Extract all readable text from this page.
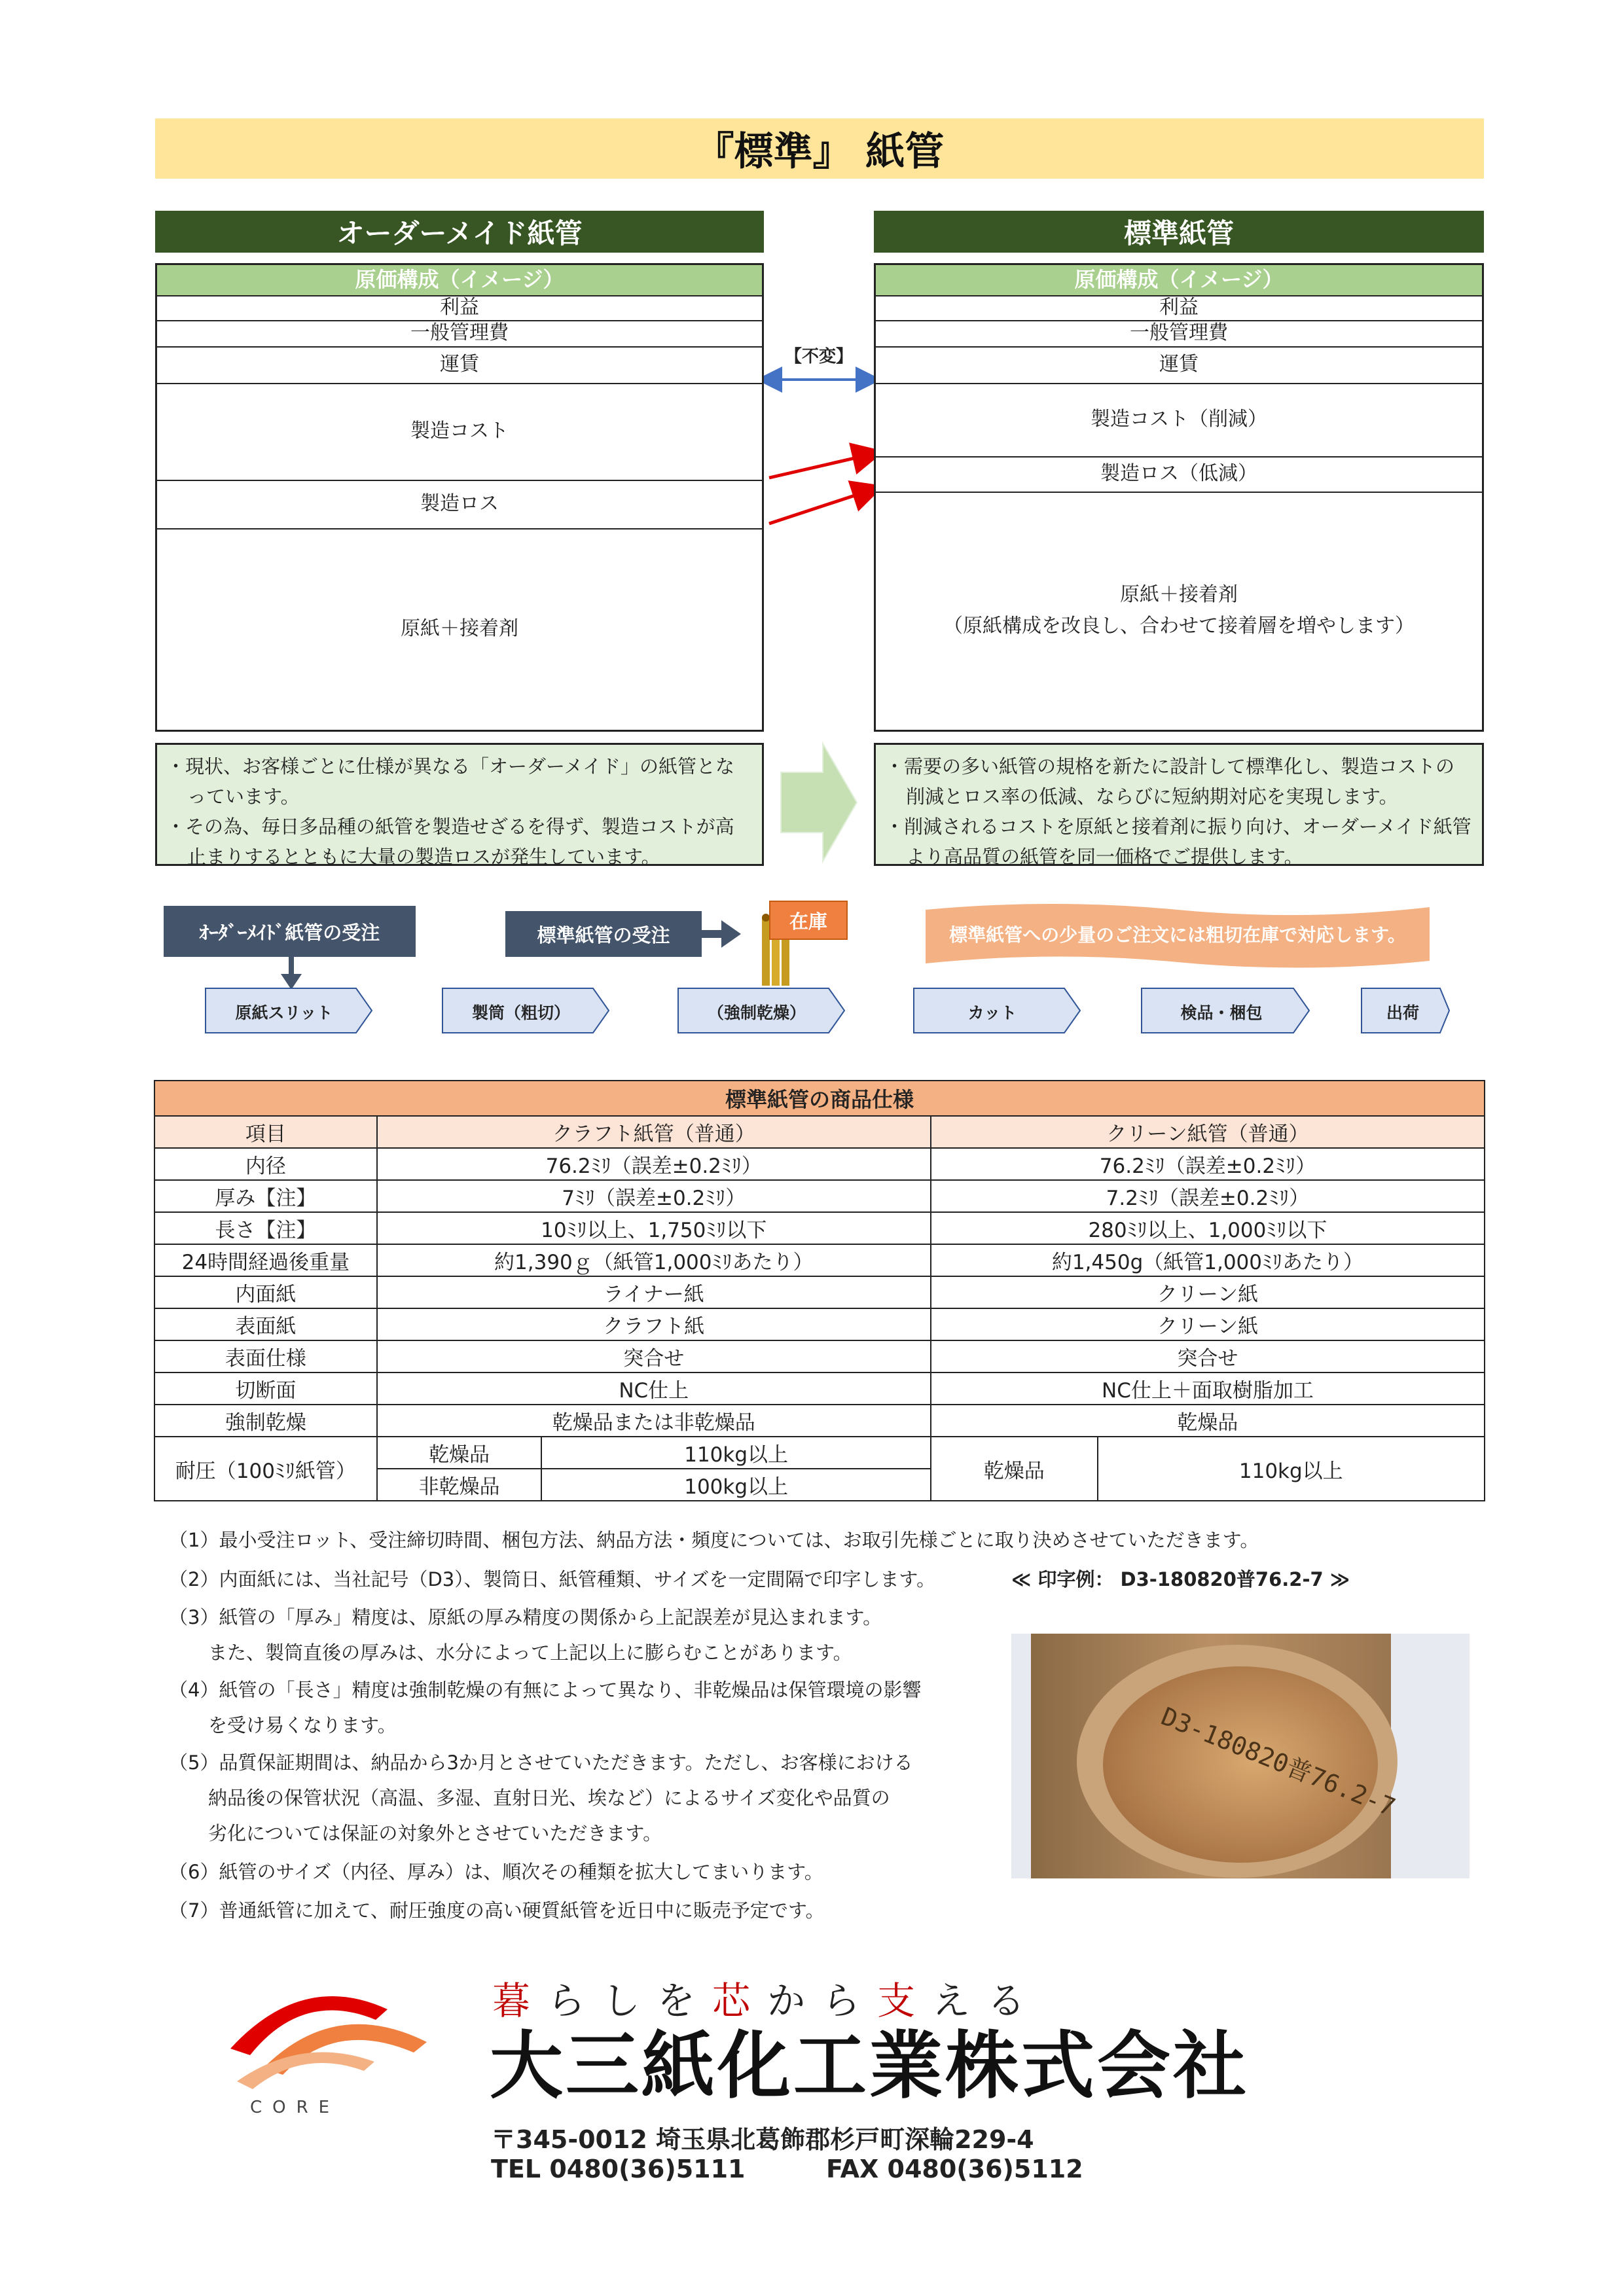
『標準』 紙管
オーダーメイド紙管
原価構成（イメージ）
利益
一般管理費
運賃
製造コスト
製造ロス
原紙＋接着剤
標準紙管
原価構成（イメージ）
利益
一般管理費
運賃
製造コスト（削減）
製造ロス（低減）
原紙＋接着剤
（原紙構成を改良し、合わせて接着層を増やします）
【不変】

・現状、お客様ごとに仕様が異なる「オーダーメイド」の紙管となっています。

・その為、毎日多品種の紙管を製造せざるを得ず、製造コストが高止まりするとともに大量の製造ロスが発生しています。

・需要の多い紙管の規格を新たに設計して標準化し、製造コストの削減とロス率の低減、ならびに短納期対応を実現します。

・削減されるコストを原紙と接着剤に振り向け、オーダーメイド紙管より高品質の紙管を同一価格でご提供します。

ｵｰﾀﾞｰﾒｲﾄﾞ紙管の受注	標準紙管の受注
在庫
標準紙管への少量のご注文には粗切在庫で対応します。
原紙スリット	製筒（粗切）	（強制乾燥）	カット	検品・梱包	出荷
標準紙管の商品仕様				
項目	クラフト紙管（普通）		クリーン紙管（普通）	
内径	76.2ﾐﾘ（誤差±0.2ﾐﾘ）		76.2ﾐﾘ（誤差±0.2ﾐﾘ）	
厚み【注】	7ﾐﾘ（誤差±0.2ﾐﾘ）		7.2ﾐﾘ（誤差±0.2ﾐﾘ）	
長さ【注】	10ﾐﾘ以上、1,750ﾐﾘ以下		280ﾐﾘ以上、1,000ﾐﾘ以下	
24時間経過後重量	約1,390ｇ（紙管1,000ﾐﾘあたり）		約1,450g（紙管1,000ﾐﾘあたり）	
内面紙	ライナー紙		クリーン紙	
表面紙	クラフト紙		クリーン紙	
表面仕様	突合せ		突合せ	
切断面	NC仕上		NC仕上＋面取樹脂加工	
強制乾燥	乾燥品または非乾燥品		乾燥品	
耐圧（100ﾐﾘ紙管）	乾燥品	110kg以上	乾燥品	110kg以上
	非乾燥品	100kg以上		
（1）最小受注ロット、受注締切時間、梱包方法、納品方法・頻度については、お取引先様ごとに取り決めさせていただきます。
（2）内面紙には、当社記号（D3）、製筒日、紙管種類、サイズを一定間隔で印字します。	≪ 印字例： D3-180820普76.2-7 ≫
（3）紙管の「厚み」精度は、原紙の厚み精度の関係から上記誤差が見込まれます。
また、製筒直後の厚みは、水分によって上記以上に膨らむことがあります。
（4）紙管の「長さ」精度は強制乾燥の有無によって異なり、非乾燥品は保管環境の影響
を受け易くなります。
（5）品質保証期間は、納品から3か月とさせていただきます。ただし、お客様における
納品後の保管状況（高温、多湿、直射日光、埃など）によるサイズ変化や品質の
劣化については保証の対象外とさせていただきます。
（6）紙管のサイズ（内径、厚み）は、順次その種類を拡大してまいります。
（7）普通紙管に加えて、耐圧強度の高い硬質紙管を近日中に販売予定です。
D3-180820普76.2-7
CORE
暮 ら し を 芯 か ら 支 え る
大三紙化工業株式会社
〒345-0012 埼玉県北葛飾郡杉戸町深輪229-4
TEL 0480(36)5111	FAX 0480(36)5112
